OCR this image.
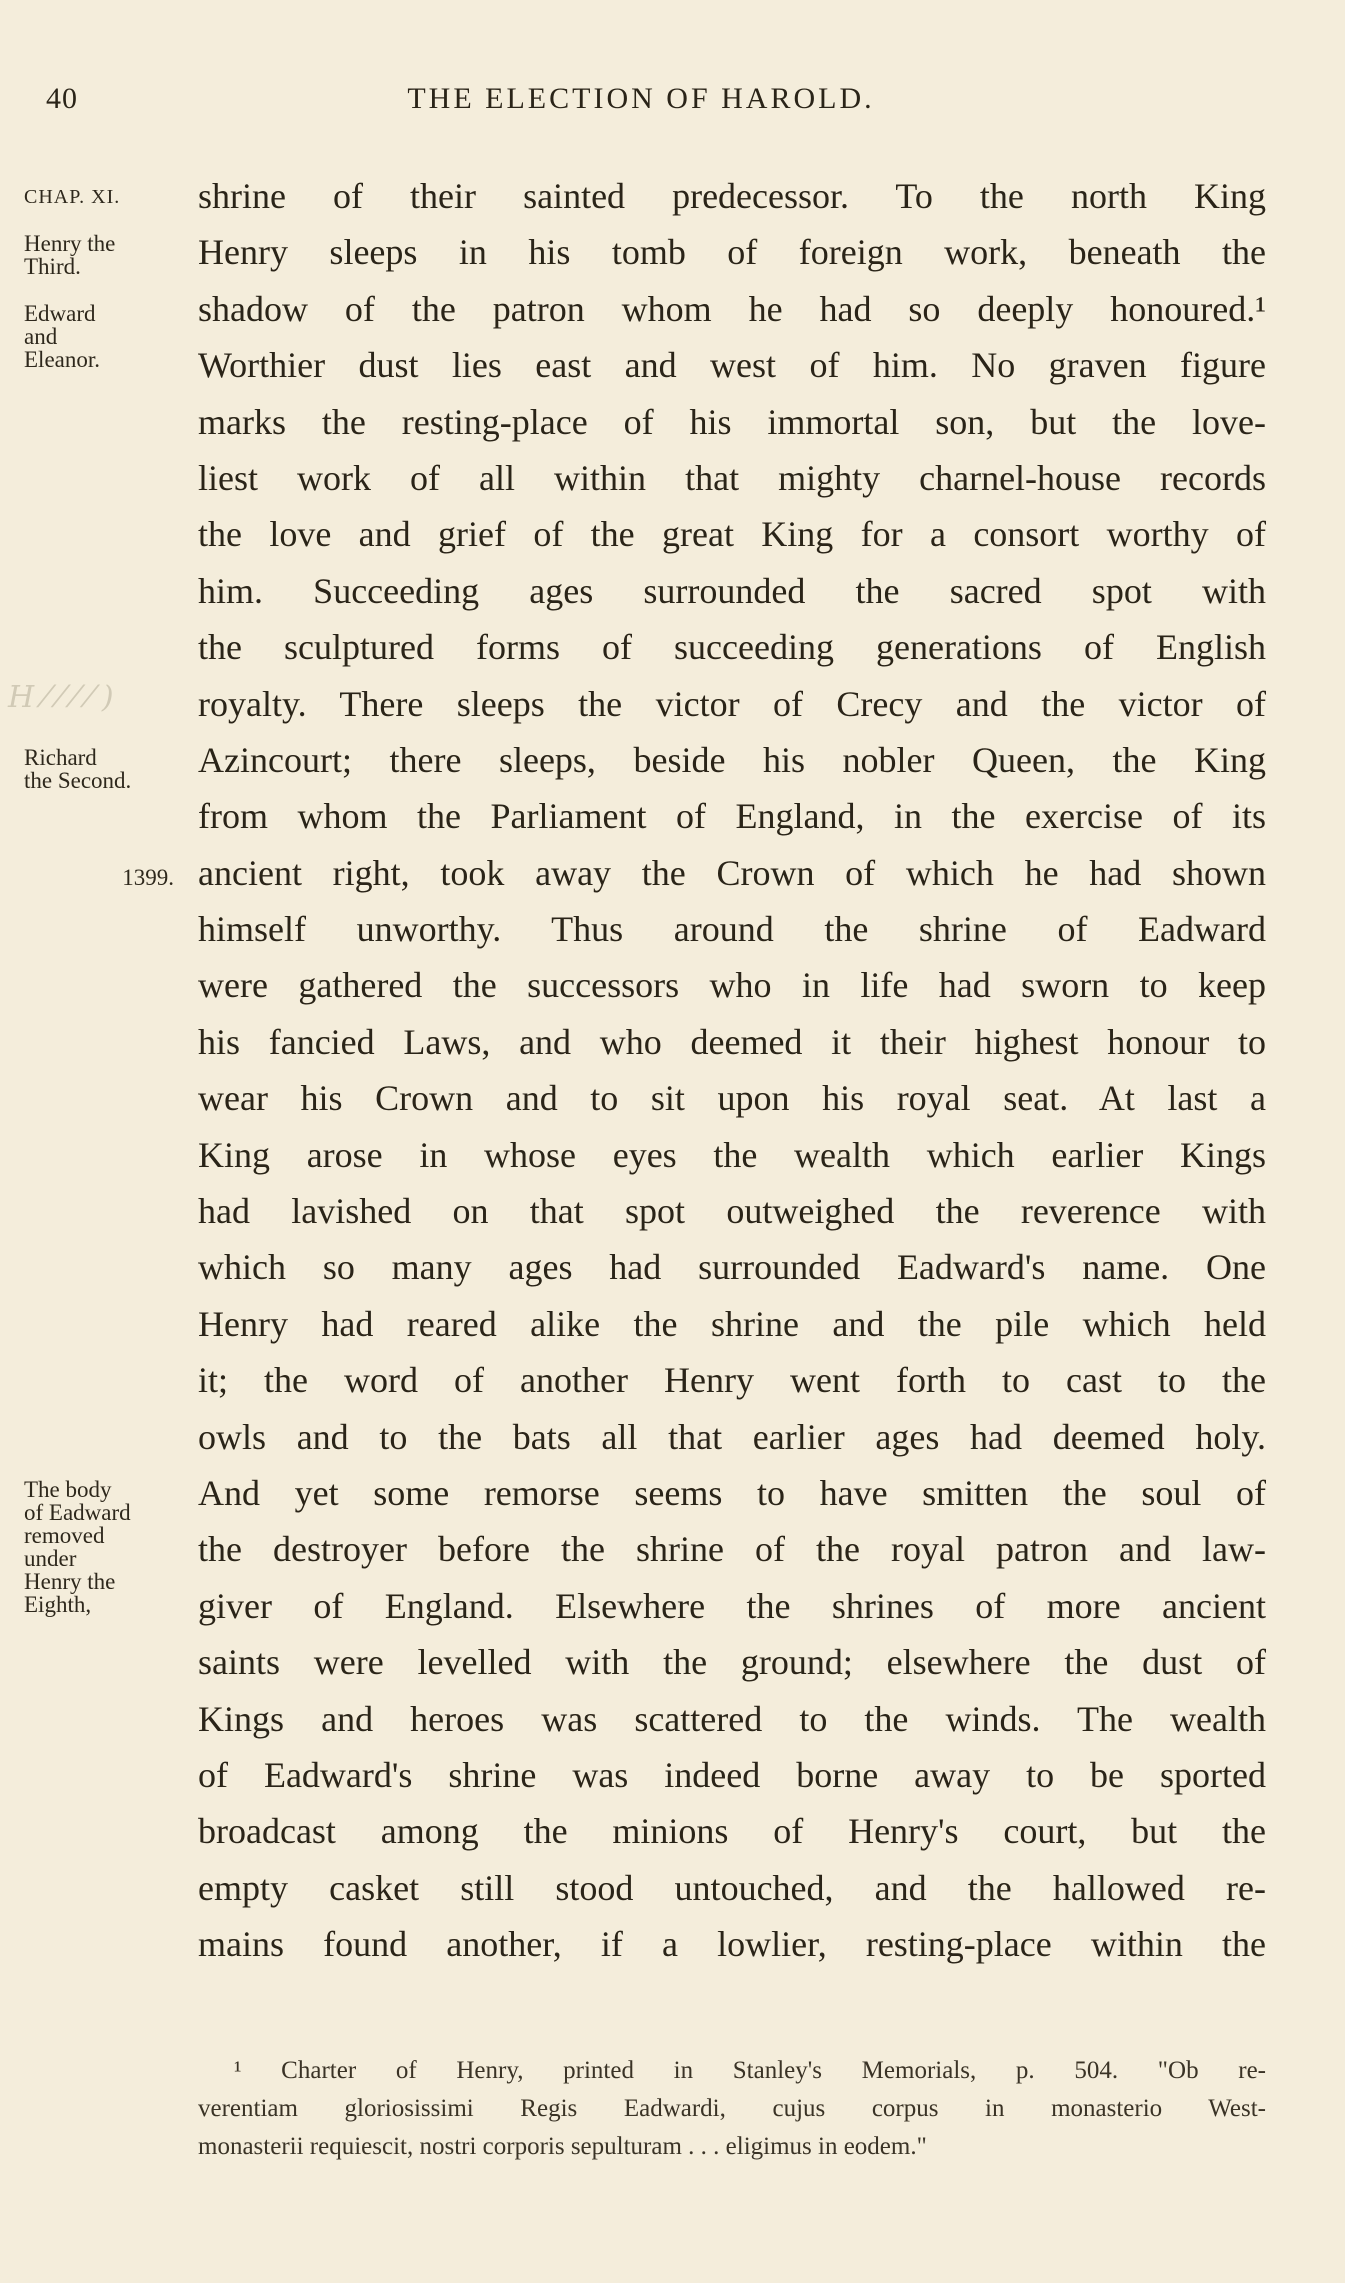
40	THE ELECTION OF HAROLD.
H ⁄ ⁄ ⁄ ⁄ )
CHAP. XI.
Henry the
Third.
Edward
and
Eleanor.
Richard
the Second.
1399.
The body
of Eadward
removed
under
Henry the
Eighth,
shrine of their sainted predecessor. To the north King
Henry sleeps in his tomb of foreign work, beneath the
shadow of the patron whom he had so deeply honoured.¹
Worthier dust lies east and west of him. No graven figure
marks the resting-place of his immortal son, but the love-
liest work of all within that mighty charnel-house records
the love and grief of the great King for a consort worthy of
him. Succeeding ages surrounded the sacred spot with
the sculptured forms of succeeding generations of English
royalty. There sleeps the victor of Crecy and the victor of
Azincourt; there sleeps, beside his nobler Queen, the King
from whom the Parliament of England, in the exercise of its
ancient right, took away the Crown of which he had shown
himself unworthy. Thus around the shrine of Eadward
were gathered the successors who in life had sworn to keep
his fancied Laws, and who deemed it their highest honour to
wear his Crown and to sit upon his royal seat. At last a
King arose in whose eyes the wealth which earlier Kings
had lavished on that spot outweighed the reverence with
which so many ages had surrounded Eadward's name. One
Henry had reared alike the shrine and the pile which held
it; the word of another Henry went forth to cast to the
owls and to the bats all that earlier ages had deemed holy.
And yet some remorse seems to have smitten the soul of
the destroyer before the shrine of the royal patron and law-
giver of England. Elsewhere the shrines of more ancient
saints were levelled with the ground; elsewhere the dust of
Kings and heroes was scattered to the winds. The wealth
of Eadward's shrine was indeed borne away to be sported
broadcast among the minions of Henry's court, but the
empty casket still stood untouched, and the hallowed re-
mains found another, if a lowlier, resting-place within the
¹ Charter of Henry, printed in Stanley's Memorials, p. 504. "Ob re-
verentiam gloriosissimi Regis Eadwardi, cujus corpus in monasterio West-
monasterii requiescit, nostri corporis sepulturam . . . eligimus in eodem."
